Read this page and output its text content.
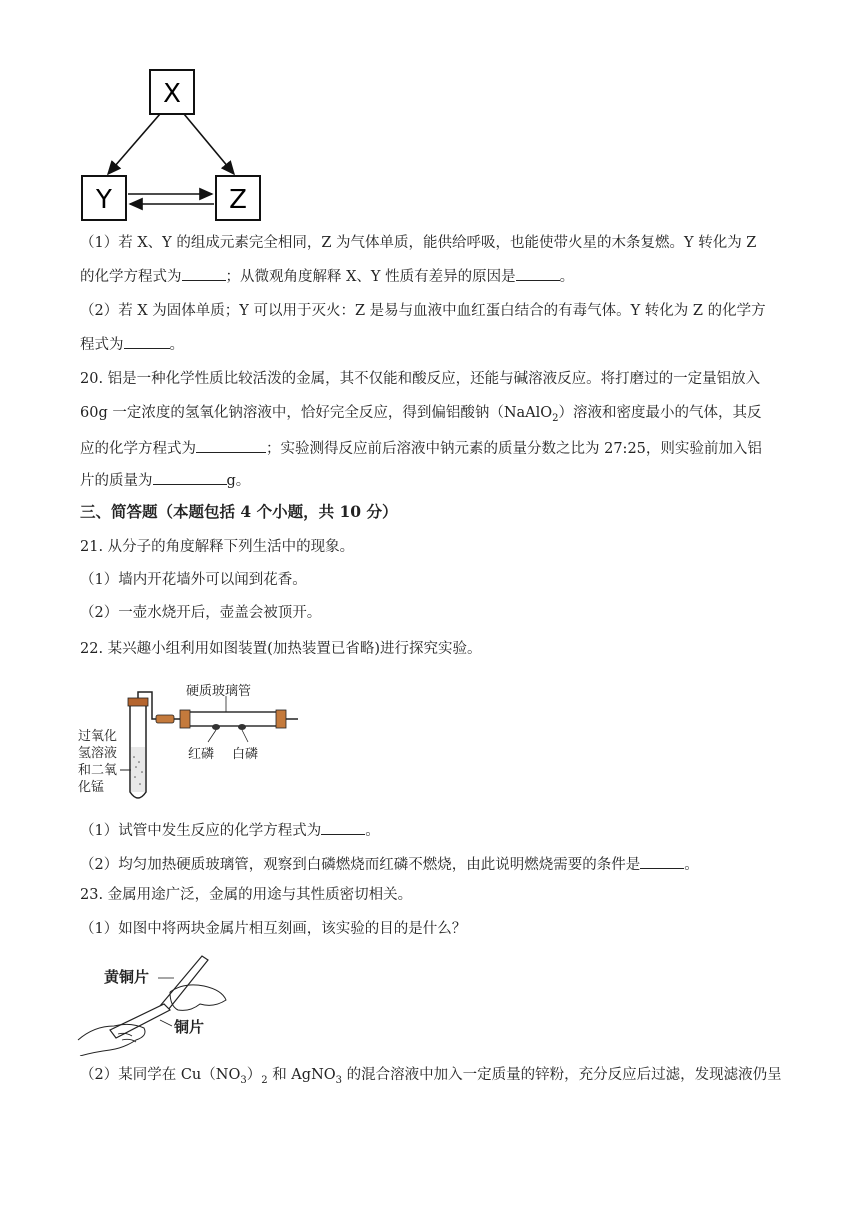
X
Y	Z
（1）若 X、Y 的组成元素完全相同，Z 为气体单质，能供给呼吸，也能使带火星的木条复燃。Y 转化为 Z
的化学方程式为	；从微观角度解释 X、Y 性质有差异的原因是	。
（2）若 X 为固体单质；Y 可以用于灭火：Z 是易与血液中血红蛋白结合的有毒气体。Y 转化为 Z 的化学方
程式为	。
20. 铝是一种化学性质比较活泼的金属，其不仅能和酸反应，还能与碱溶液反应。将打磨过的一定量铝放入
60g 一定浓度的氢氧化钠溶液中，恰好完全反应，得到偏铝酸钠（NaAlO$_2$）溶液和密度最小的气体，其反
应的化学方程式为	；实验测得反应前后溶液中钠元素的质量分数之比为 27:25，则实验前加入铝
片的质量为	g。
三、简答题（本题包括 4 个小题，共 10 分）
21. 从分子的角度解释下列生活中的现象。
（1）墙内开花墙外可以闻到花香。
（2）一壶水烧开后，壶盖会被顶开。
22. 某兴趣小组利用如图装置(加热装置已省略)进行探究实验。
过氧化
氢溶液
和二氧
化锰
红磷 白磷
硬质玻璃管
（1）试管中发生反应的化学方程式为	。
（2）均匀加热硬质玻璃管，观察到白磷燃烧而红磷不燃烧，由此说明燃烧需要的条件是	。
23. 金属用途广泛，金属的用途与其性质密切相关。
（1）如图中将两块金属片相互刻画，该实验的目的是什么？
黄铜片
铜片
（2）某同学在 $Cu(NO_3)_2$ 和 AgNO$_3$ 的混合溶液中加入一定质量的锌粉，充分反应后过滤，发现滤液仍呈
